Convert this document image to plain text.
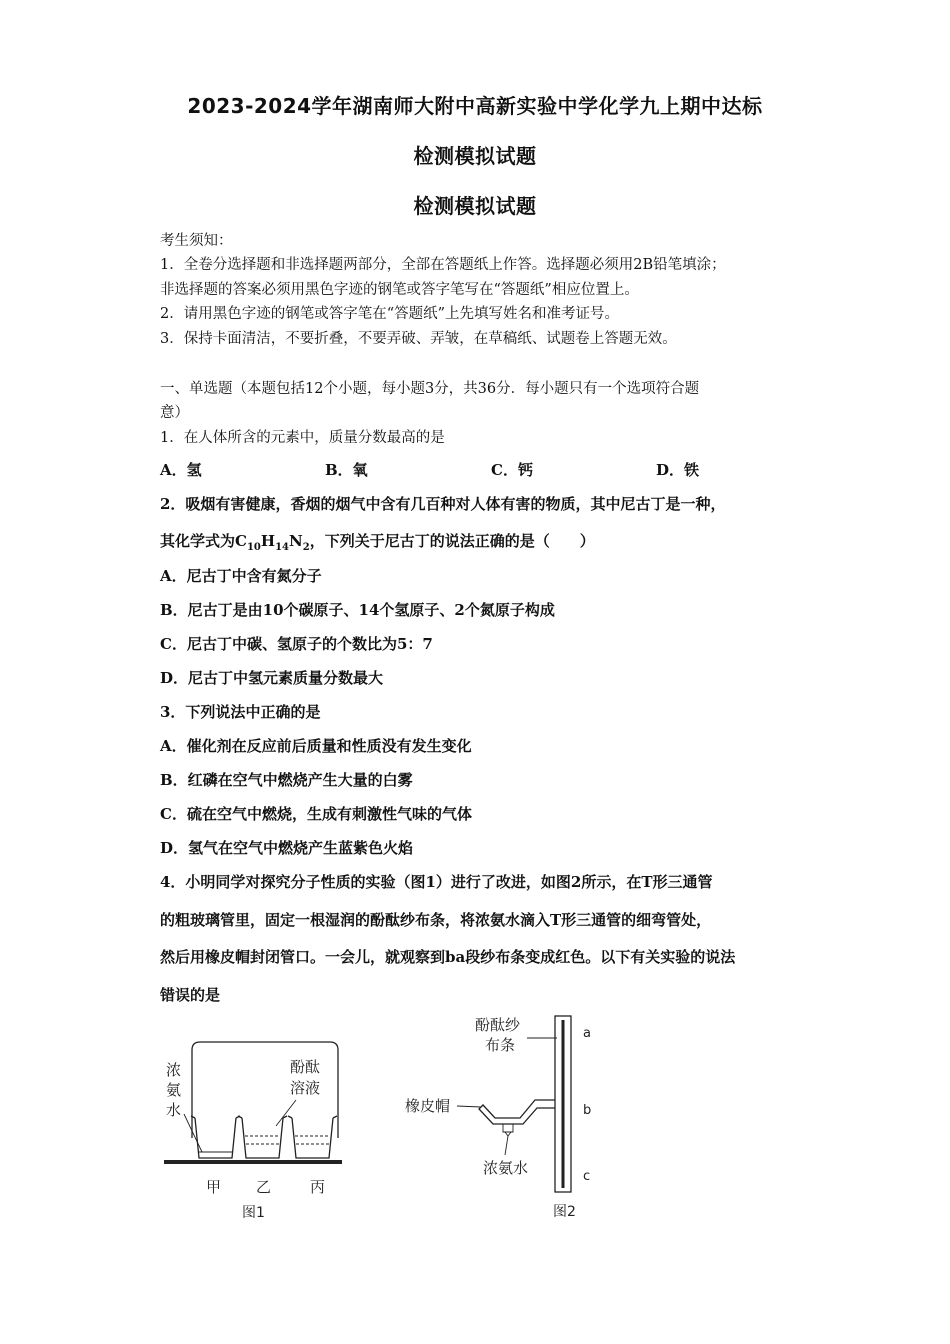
2023-2024学年湖南师大附中高新实验中学化学九上期中达标
检测模拟试题
检测模拟试题
考生须知：
1．全卷分选择题和非选择题两部分，全部在答题纸上作答。选择题必须用2B铅笔填涂；
非选择题的答案必须用黑色字迹的钢笔或答字笔写在“答题纸”相应位置上。
2．请用黑色字迹的钢笔或答字笔在“答题纸”上先填写姓名和准考证号。
3．保持卡面清洁，不要折叠，不要弄破、弄皱，在草稿纸、试题卷上答题无效。
一、单选题（本题包括12个小题，每小题3分，共36分．每小题只有一个选项符合题
意）
1．在人体所含的元素中，质量分数最高的是
A．氢	B．氧	C．钙	D．铁
2．吸烟有害健康，香烟的烟气中含有几百种对人体有害的物质，其中尼古丁是一种，
其化学式为$C_{10}H_{14}N_2$，下列关于尼古丁的说法正确的是（　　）
A．尼古丁中含有氮分子
B．尼古丁是由10个碳原子、14个氢原子、2个氮原子构成
C．尼古丁中碳、氢原子的个数比为5：7
D．尼古丁中氢元素质量分数最大
3．下列说法中正确的是
A．催化剂在反应前后质量和性质没有发生变化
B．红磷在空气中燃烧产生大量的白雾
C．硫在空气中燃烧，生成有刺激性气味的气体
D．氢气在空气中燃烧产生蓝紫色火焰
4．小明同学对探究分子性质的实验（图1）进行了改进，如图2所示，在T形三通管
的粗玻璃管里，固定一根湿润的酚酞纱布条，将浓氨水滴入T形三通管的细弯管处，
然后用橡皮帽封闭管口。一会儿，就观察到ba段纱布条变成红色。以下有关实验的说法
错误的是
浓
氨
水
酚酞
溶液
甲 乙	丙
图1
酚酞纱
布条
橡皮帽
浓氨水
a
b
c
图2
